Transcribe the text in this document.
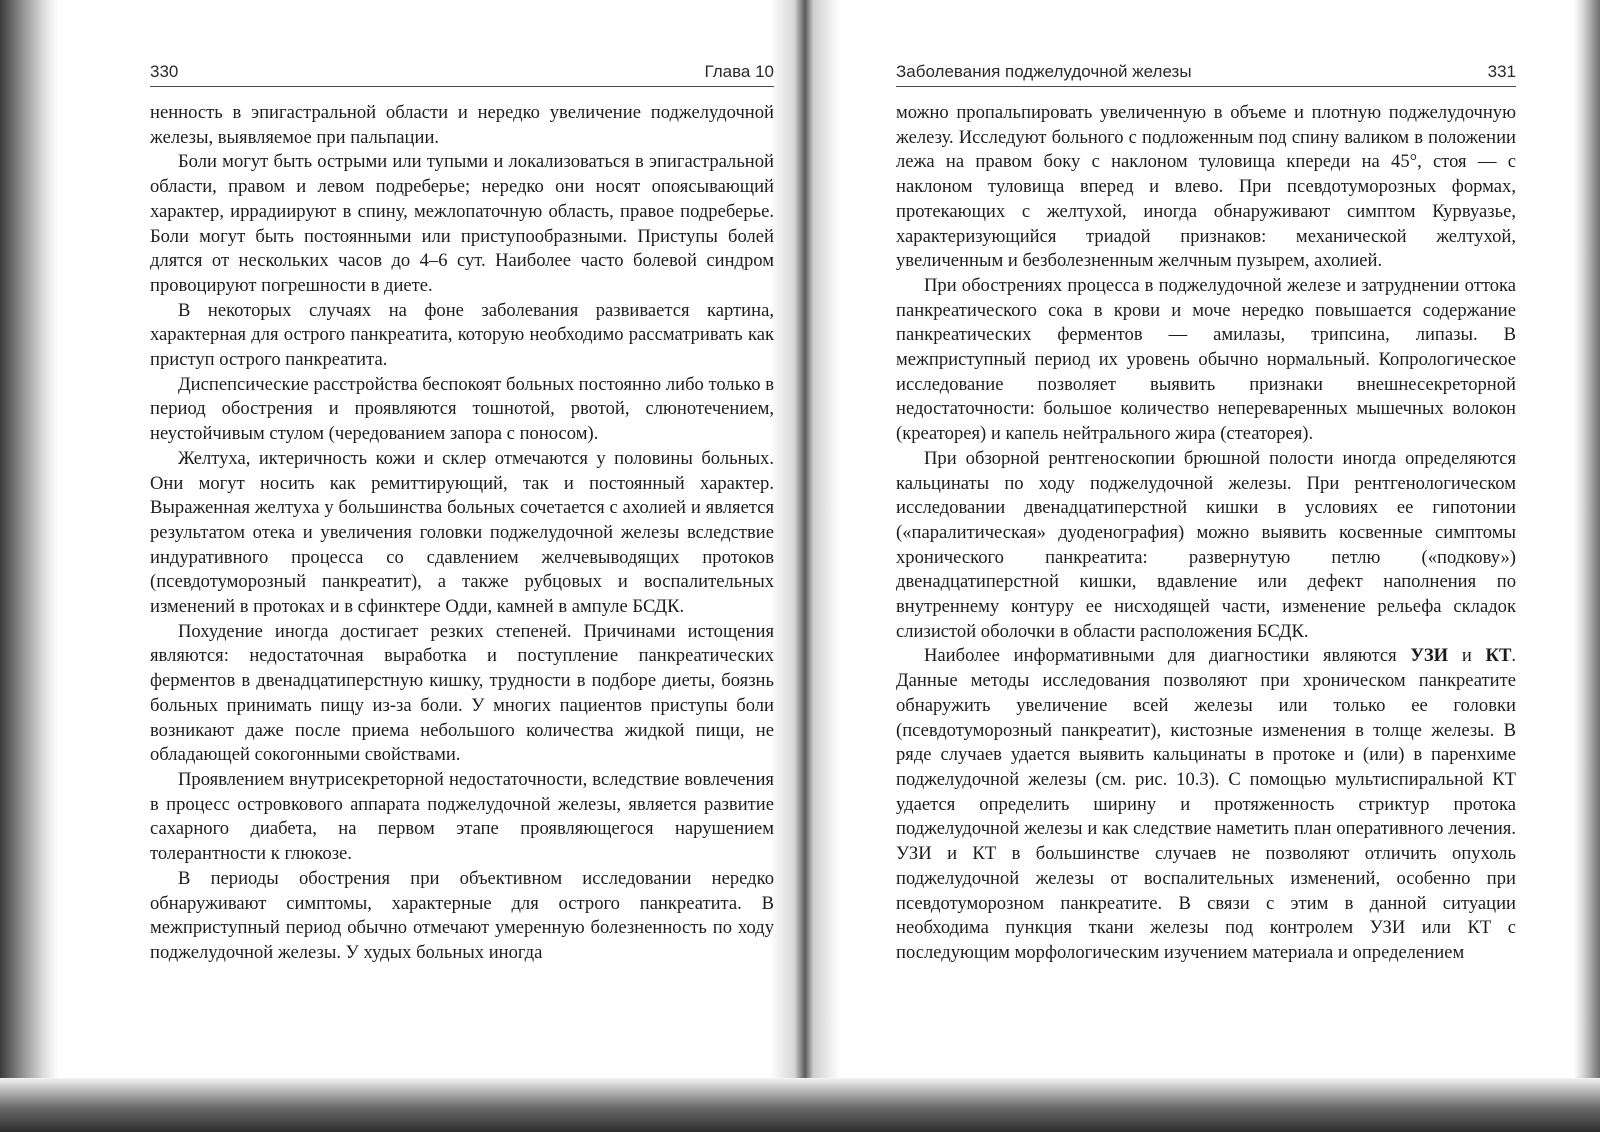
330	Глава 10

ненность в эпигастральной области и нередко увеличение поджелудочной железы, выявляемое при пальпации.

Боли могут быть острыми или тупыми и локализоваться в эпигастральной области, правом и левом подреберье; нередко они носят опоясывающий характер, иррадиируют в спину, межлопаточную область, правое подреберье. Боли могут быть постоянными или приступообразными. Приступы болей длятся от нескольких часов до 4–6 сут. Наиболее часто болевой синдром провоцируют погрешности в диете.

В некоторых случаях на фоне заболевания развивается картина, характерная для острого панкреатита, которую необходимо рассматривать как приступ острого панкреатита.

Диспепсические расстройства беспокоят больных постоянно либо только в период обострения и проявляются тошнотой, рвотой, слюнотечением, неустойчивым стулом (чередованием запора с поносом).

Желтуха, иктеричность кожи и склер отмечаются у половины больных. Они могут носить как ремиттирующий, так и постоянный характер. Выраженная желтуха у большинства больных сочетается с ахолией и является результатом отека и увеличения головки поджелудочной железы вследствие индуративного процесса со сдавлением желчевыводящих протоков (псевдотуморозный панкреатит), а также рубцовых и воспалительных изменений в протоках и в сфинктере Одди, камней в ампуле БСДК.

Похудение иногда достигает резких степеней. Причинами истощения являются: недостаточная выработка и поступление панкреатических ферментов в двенадцатиперстную кишку, трудности в подборе диеты, боязнь больных принимать пищу из-за боли. У многих пациентов приступы боли возникают даже после приема небольшого количества жидкой пищи, не обладающей сокогонными свойствами.

Проявлением внутрисекреторной недостаточности, вследствие вовлечения в процесс островкового аппарата поджелудочной железы, является развитие сахарного диабета, на первом этапе проявляющегося нарушением толерантности к глюкозе.

В периоды обострения при объективном исследовании нередко обнаруживают симптомы, характерные для острого панкреатита. В межприступный период обычно отмечают умеренную болезненность по ходу поджелудочной железы. У худых больных иногда

Заболевания поджелудочной железы	331

можно пропальпировать увеличенную в объеме и плотную поджелудочную железу. Исследуют больного с подложенным под спину валиком в положении лежа на правом боку с наклоном туловища кпереди на 45°, стоя — с наклоном туловища вперед и влево. При псевдотуморозных формах, протекающих с желтухой, иногда обнаруживают симптом Курвуазье, характеризующийся триадой признаков: механической желтухой, увеличенным и безболезненным желчным пузырем, ахолией.

При обострениях процесса в поджелудочной железе и затруднении оттока панкреатического сока в крови и моче нередко повышается содержание панкреатических ферментов — амилазы, трипсина, липазы. В межприступный период их уровень обычно нормальный. Копрологическое исследование позволяет выявить признаки внешнесекреторной недостаточности: большое количество непереваренных мышечных волокон (креаторея) и капель нейтрального жира (стеаторея).

При обзорной рентгеноскопии брюшной полости иногда определяются кальцинаты по ходу поджелудочной железы. При рентгенологическом исследовании двенадцатиперстной кишки в условиях ее гипотонии («паралитическая» дуоденография) можно выявить косвенные симптомы хронического панкреатита: развернутую петлю («подкову») двенадцатиперстной кишки, вдавление или дефект наполнения по внутреннему контуру ее нисходящей части, изменение рельефа складок слизистой оболочки в области расположения БСДК.

Наиболее информативными для диагностики являются УЗИ и КТ. Данные методы исследования позволяют при хроническом панкреатите обнаружить увеличение всей железы или только ее головки (псевдотуморозный панкреатит), кистозные изменения в толще железы. В ряде случаев удается выявить кальцинаты в протоке и (или) в паренхиме поджелудочной железы (см. рис. 10.3). С помощью мультиспиральной КТ удается определить ширину и протяженность стриктур протока поджелудочной железы и как следствие наметить план оперативного лечения. УЗИ и КТ в большинстве случаев не позволяют отличить опухоль поджелудочной железы от воспалительных изменений, особенно при псевдотуморозном панкреатите. В связи с этим в данной ситуации необходима пункция ткани железы под контролем УЗИ или КТ с последующим морфологическим изучением материала и определением
